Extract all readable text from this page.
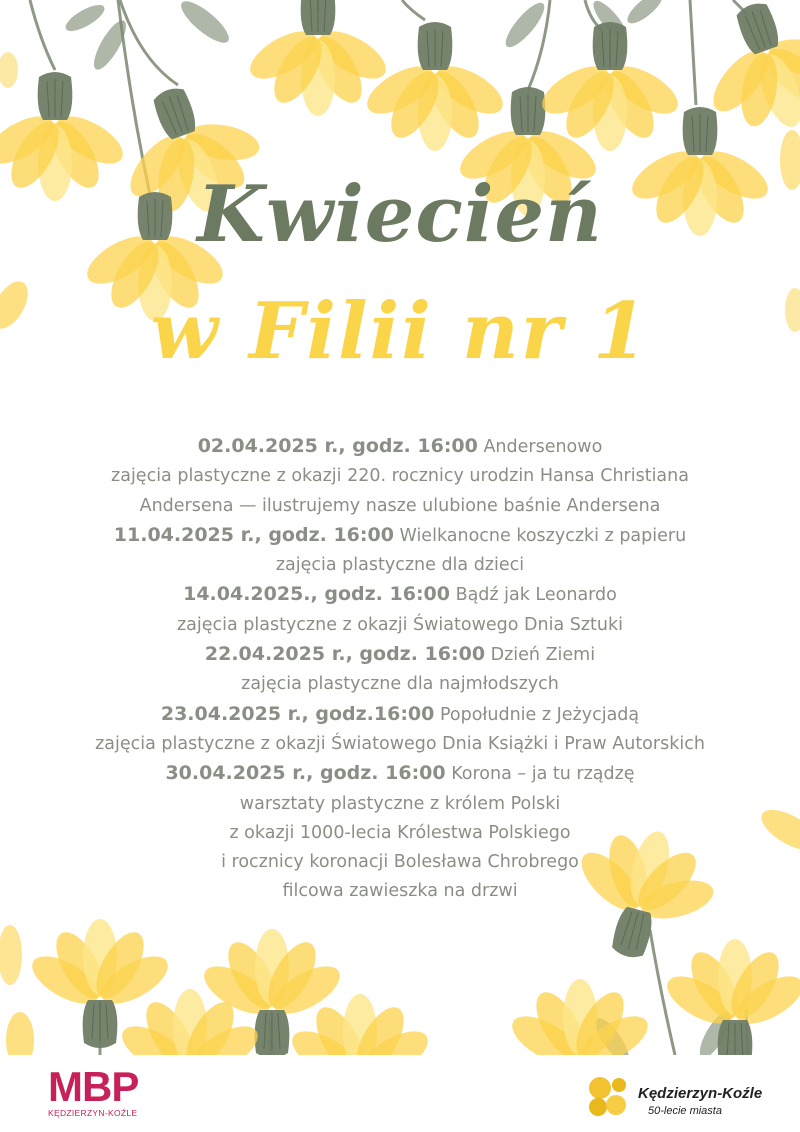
Kwiecień
w Filii nr 1
02.04.2025 r., godz. 16:00 Andersenowo
zajęcia plastyczne z okazji 220. rocznicy urodzin Hansa Christiana
Andersena — ilustrujemy nasze ulubione baśnie Andersena
11.04.2025 r., godz. 16:00 Wielkanocne koszyczki z papieru
zajęcia plastyczne dla dzieci
14.04.2025., godz. 16:00 Bądź jak Leonardo
zajęcia plastyczne z okazji Światowego Dnia Sztuki
22.04.2025 r., godz. 16:00 Dzień Ziemi
zajęcia plastyczne dla najmłodszych
23.04.2025 r., godz.16:00 Popołudnie z Jeżycjadą
zajęcia plastyczne z okazji Światowego Dnia Książki i Praw Autorskich
30.04.2025 r., godz. 16:00 Korona – ja tu rządzę
warsztaty plastyczne z królem Polski
z okazji 1000-lecia Królestwa Polskiego
i rocznicy koronacji Bolesława Chrobrego
filcowa zawieszka na drzwi
MBP
KĘDZIERZYN-KOŹLE
Kędzierzyn-Koźle
50-lecie miasta
